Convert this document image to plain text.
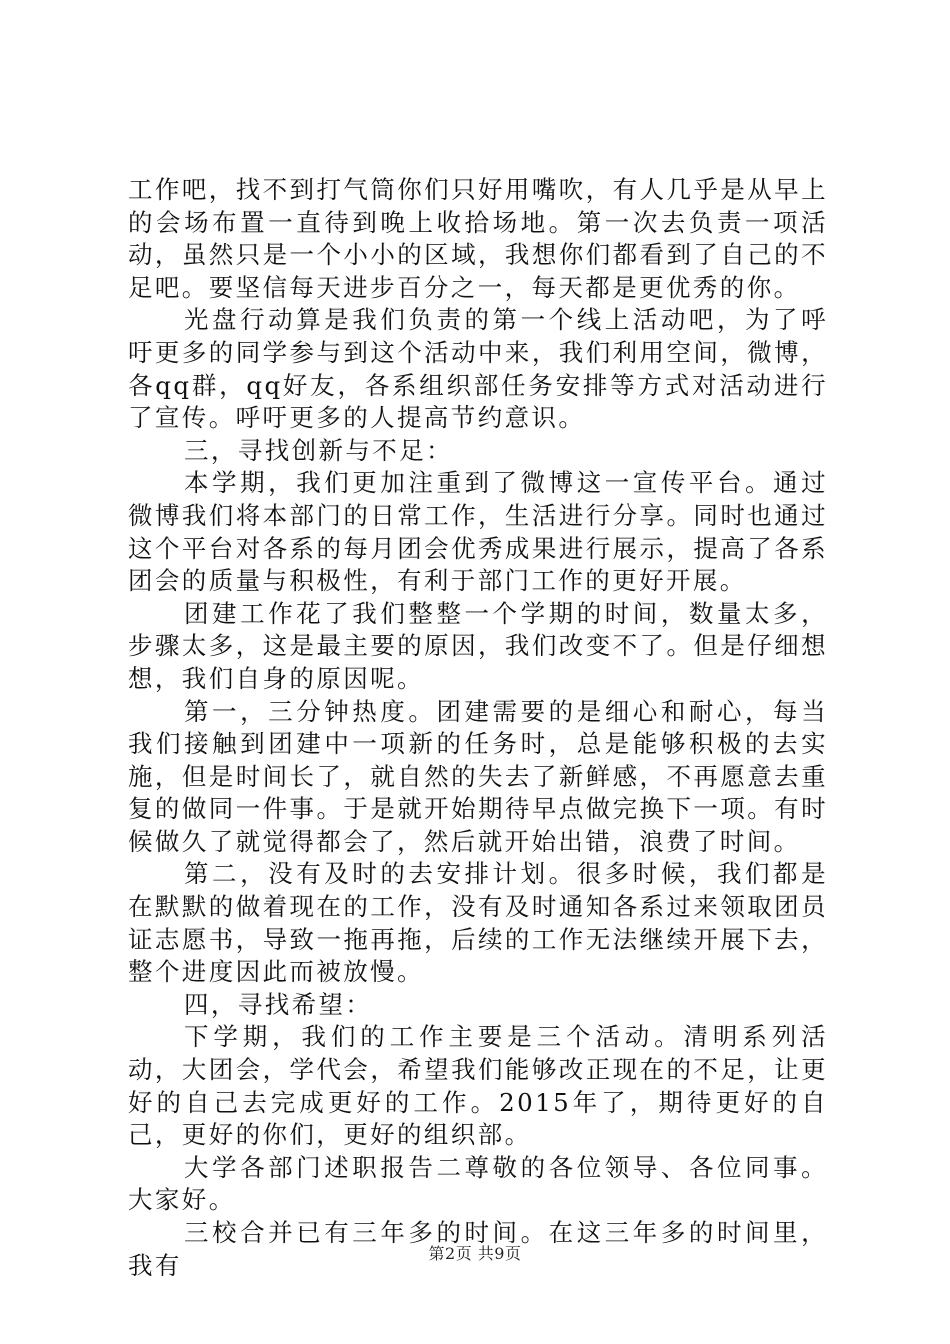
工作吧，找不到打气筒你们只好用嘴吹，有人几乎是从早上的会场布置一直待到晚上收拾场地。第一次去负责一项活动，虽然只是一个小小的区域，我想你们都看到了自己的不足吧。要坚信每天进步百分之一，每天都是更优秀的你。

光盘行动算是我们负责的第一个线上活动吧，为了呼吁更多的同学参与到这个活动中来，我们利用空间，微博，各qq群，qq好友，各系组织部任务安排等方式对活动进行了宣传。呼吁更多的人提高节约意识。

三，寻找创新与不足：

本学期，我们更加注重到了微博这一宣传平台。通过微博我们将本部门的日常工作，生活进行分享。同时也通过这个平台对各系的每月团会优秀成果进行展示，提高了各系团会的质量与积极性，有利于部门工作的更好开展。

团建工作花了我们整整一个学期的时间，数量太多，步骤太多，这是最主要的原因，我们改变不了。但是仔细想想，我们自身的原因呢。

第一，三分钟热度。团建需要的是细心和耐心，每当我们接触到团建中一项新的任务时，总是能够积极的去实施，但是时间长了，就自然的失去了新鲜感，不再愿意去重复的做同一件事。于是就开始期待早点做完换下一项。有时候做久了就觉得都会了，然后就开始出错，浪费了时间。

第二，没有及时的去安排计划。很多时候，我们都是在默默的做着现在的工作，没有及时通知各系过来领取团员证志愿书，导致一拖再拖，后续的工作无法继续开展下去，整个进度因此而被放慢。

四，寻找希望：

下学期，我们的工作主要是三个活动。清明系列活动，大团会，学代会，希望我们能够改正现在的不足，让更好的自己去完成更好的工作。2015年了，期待更好的自己，更好的你们，更好的组织部。

大学各部门述职报告二尊敬的各位领导、各位同事。大家好。

三校合并已有三年多的时间。在这三年多的时间里，我有	第2页 共9页
